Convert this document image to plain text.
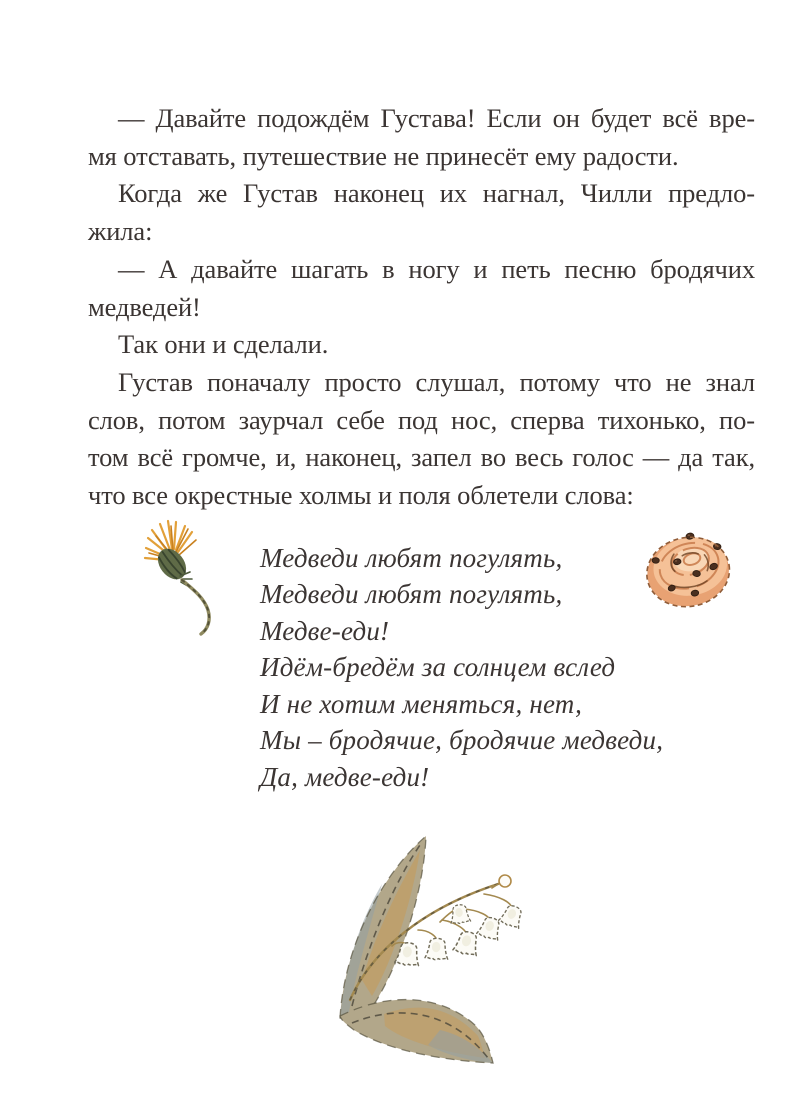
— Давайте подождём Густава! Если он будет всё вре-
мя отставать, путешествие не принесёт ему радости.
Когда же Густав наконец их нагнал, Чилли предло-
жила:
— А давайте шагать в ногу и петь песню бродячих
медведей!
Так они и сделали.
Густав поначалу просто слушал, потому что не знал
слов, потом заурчал себе под нос, сперва тихонько, по-
том всё громче, и, наконец, запел во весь голос — да так,
что все окрестные холмы и поля облетели слова:
Медведи любят погулять,
Медведи любят погулять,
Медве-еди!
Идём-бредём за солнцем вслед
И не хотим меняться, нет,
Мы – бродячие, бродячие медведи,
Да, медве-еди!
